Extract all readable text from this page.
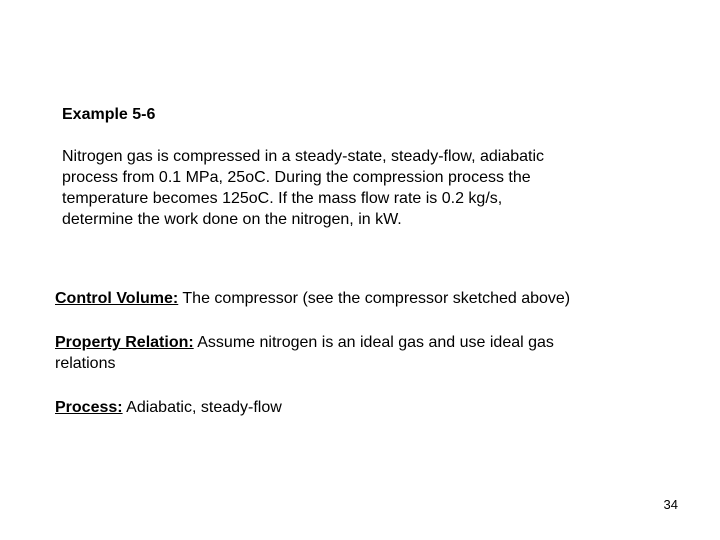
Example 5-6
Nitrogen gas is compressed in a steady-state, steady-flow, adiabatic
process from 0.1 MPa, 25oC. During the compression process the
temperature becomes 125oC. If the mass flow rate is 0.2 kg/s,
determine the work done on the nitrogen, in kW.
Control Volume: The compressor (see the compressor sketched above)
Property Relation: Assume nitrogen is an ideal gas and use ideal gas
relations
Process: Adiabatic, steady-flow
34
